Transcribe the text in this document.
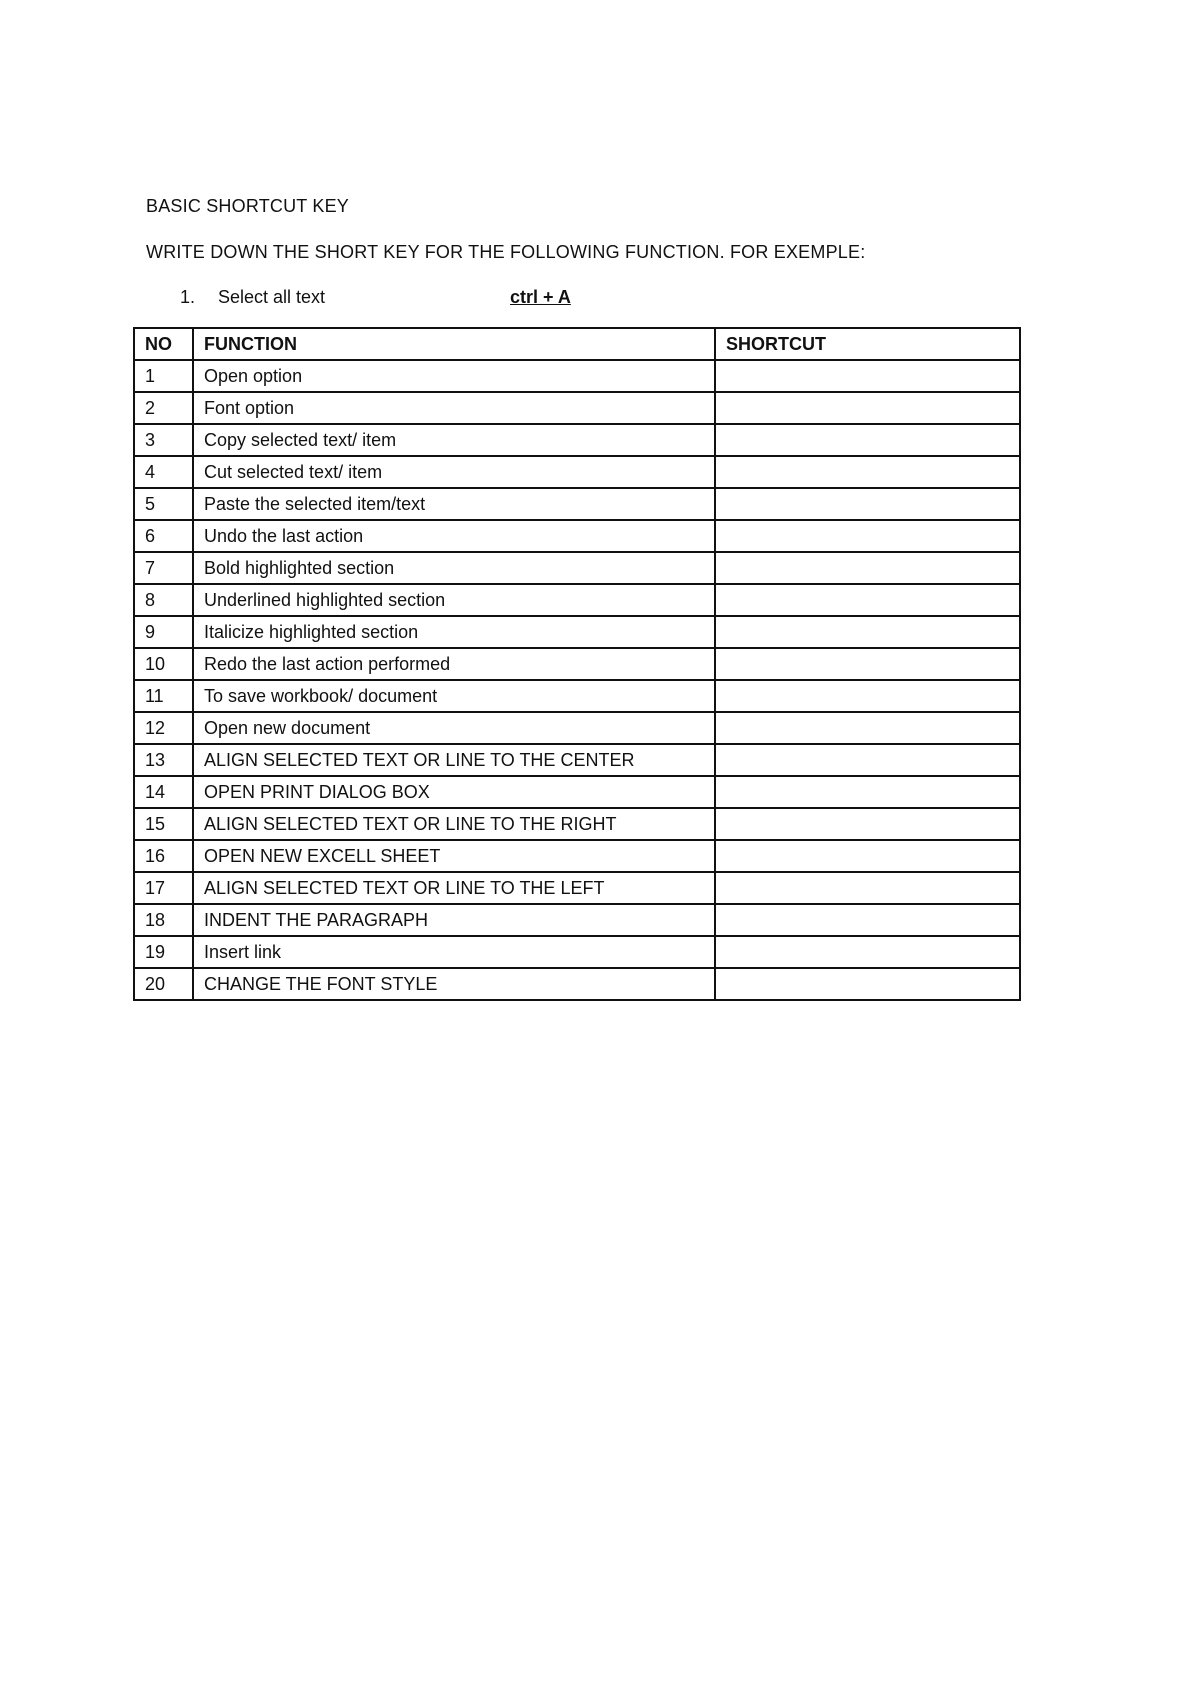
BASIC SHORTCUT KEY
WRITE DOWN THE SHORT KEY FOR THE FOLLOWING FUNCTION. FOR EXEMPLE:
1. Select all text	ctrl + A
NO	FUNCTION	SHORTCUT
1	Open option	
2	Font option	
3	Copy selected text/ item	
4	Cut selected text/ item	
5	Paste the selected item/text	
6	Undo the last action	
7	Bold highlighted section	
8	Underlined highlighted section	
9	Italicize highlighted section	
10	Redo the last action performed	
11	To save workbook/ document	
12	Open new document	
13	ALIGN SELECTED TEXT OR LINE TO THE CENTER	
14	OPEN PRINT DIALOG BOX	
15	ALIGN SELECTED TEXT OR LINE TO THE RIGHT	
16	OPEN NEW EXCELL SHEET	
17	ALIGN SELECTED TEXT OR LINE TO THE LEFT	
18	INDENT THE PARAGRAPH	
19	Insert link	
20	CHANGE THE FONT STYLE	
